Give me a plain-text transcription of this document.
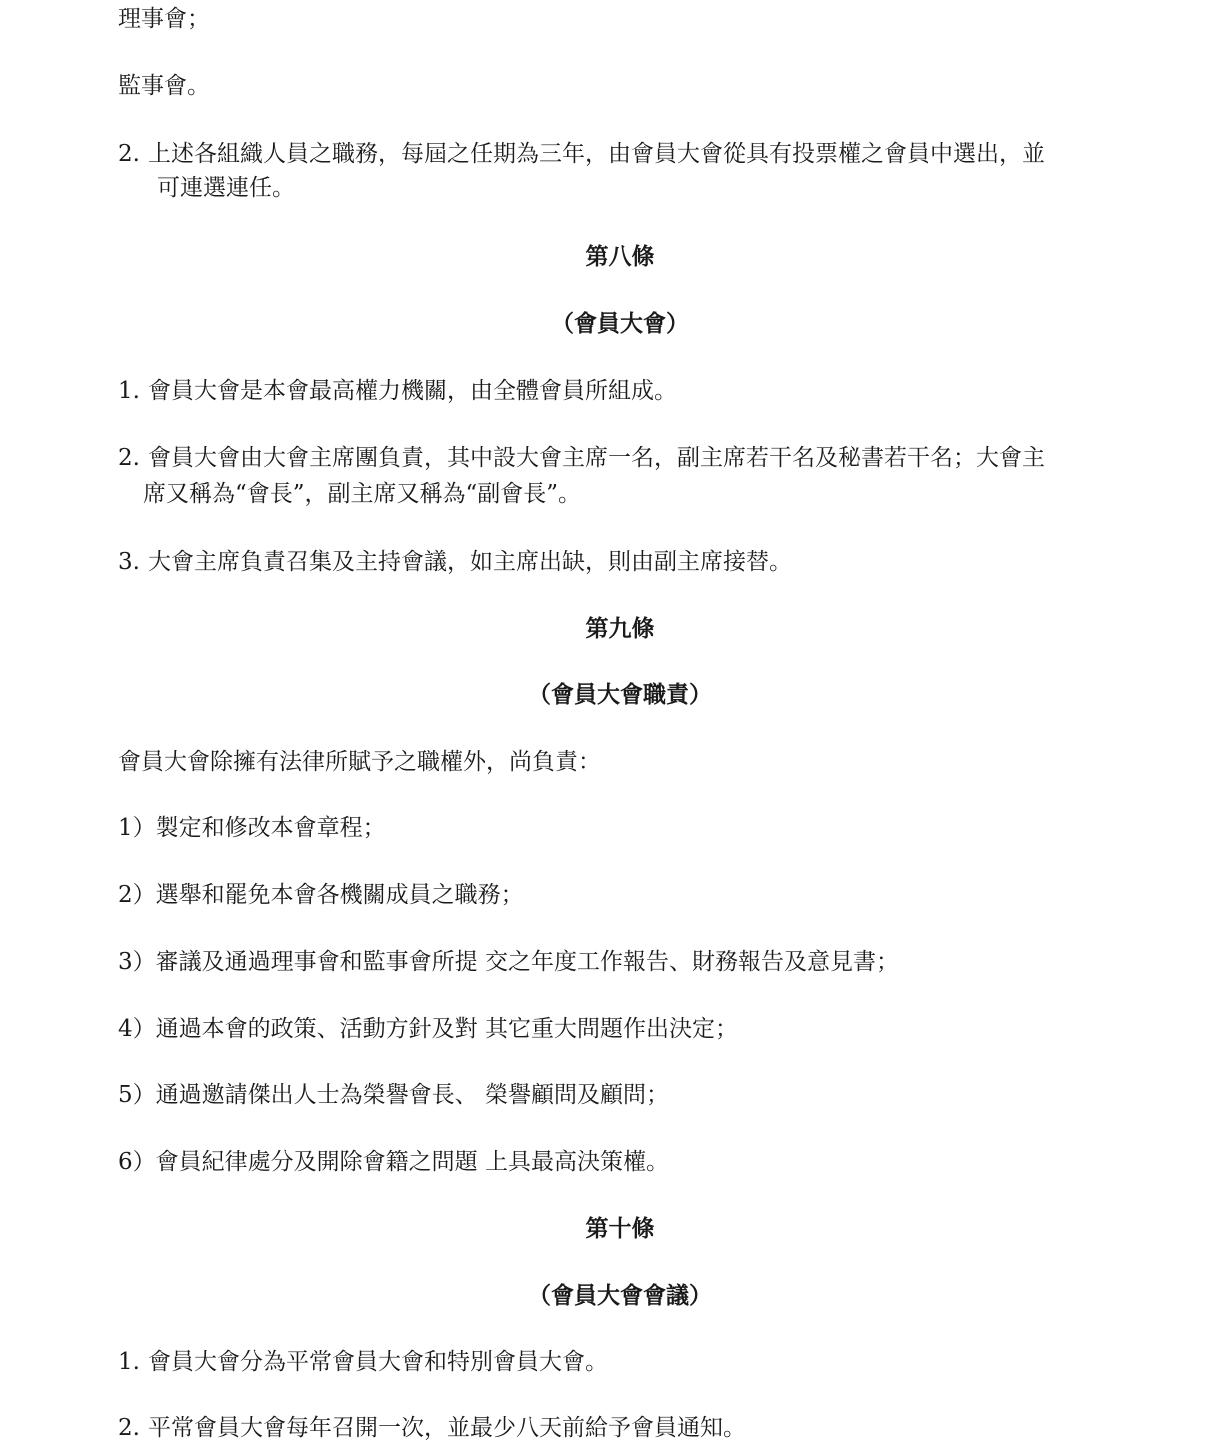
理事會；
監事會。
2. 上述各組織人員之職務，每屆之任期為三年，由會員大會從具有投票權之會員中選出，並
可連選連任。
第八條
（會員大會）
1. 會員大會是本會最高權力機關，由全體會員所組成。
2. 會員大會由大會主席團負責，其中設大會主席一名，副主席若干名及秘書若干名；大會主
席又稱為“會長”，副主席又稱為“副會長”。
3. 大會主席負責召集及主持會議，如主席出缺，則由副主席接替。
第九條
（會員大會職責）
會員大會除擁有法律所賦予之職權外，尚負責：
1）製定和修改本會章程；
2）選舉和罷免本會各機關成員之職務；
3）審議及通過理事會和監事會所提 交之年度工作報告、財務報告及意見書；
4）通過本會的政策、活動方針及對 其它重大問題作出決定；
5）通過邀請傑出人士為榮譽會長、 榮譽顧問及顧問；
6）會員紀律處分及開除會籍之問題 上具最高決策權。
第十條
（會員大會會議）
1. 會員大會分為平常會員大會和特別會員大會。
2. 平常會員大會每年召開一次，並最少八天前給予會員通知。
